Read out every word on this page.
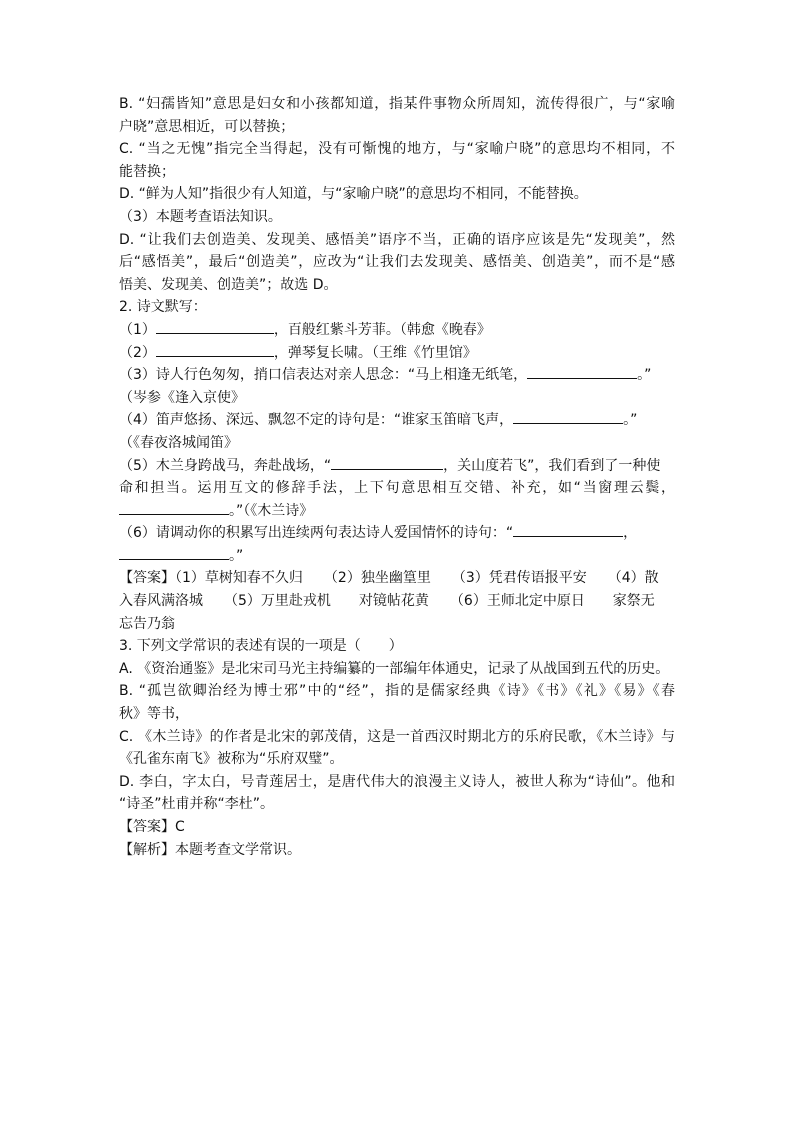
B. “妇孺皆知”意思是妇女和小孩都知道，指某件事物众所周知，流传得很广，与“家喻
户晓”意思相近，可以替换；
C. “当之无愧”指完全当得起，没有可惭愧的地方，与“家喻户晓”的意思均不相同，不
能替换；
D. “鲜为人知”指很少有人知道，与“家喻户晓”的意思均不相同，不能替换。
（3）本题考查语法知识。
D. “让我们去创造美、发现美、感悟美”语序不当，正确的语序应该是先“发现美”，然
后“感悟美”，最后“创造美”，应改为“让我们去发现美、感悟美、创造美”，而不是“感
悟美、发现美、创造美”；故选 D。
2. 诗文默写：
（1）	，百般红紫斗芳菲。（韩愈《晚春》
（2）	，弹琴复长啸。（王维《竹里馆》
（3）诗人行色匆匆，捎口信表达对亲人思念：“马上相逢无纸笔，	。”
（岑参《逢入京使》
（4）笛声悠扬、深远、飘忽不定的诗句是：“谁家玉笛暗飞声，	。”
（《春夜洛城闻笛》
（5）木兰身跨战马，奔赴战场，“	，关山度若飞”，我们看到了一种使
命和担当。运用互文的修辞手法，上下句意思相互交错、补充，如“当窗理云鬓，
。”（《木兰诗》
（6）请调动你的积累写出连续两句表达诗人爱国情怀的诗句：“	，
。”
【答案】（1）草树知春不久归　　（2）独坐幽篁里　　（3）凭君传语报平安　　（4）散
入春风满洛城　　（5）万里赴戎机　　对镜帖花黄　　（6）王师北定中原日　　家祭无
忘告乃翁
3. 下列文学常识的表述有误的一项是（　　）
A. 《资治通鉴》是北宋司马光主持编纂的一部编年体通史，记录了从战国到五代的历史。
B. “孤岂欲卿治经为博士邪”中的“经”，指的是儒家经典《诗》《书》《礼》《易》《春
秋》等书，
C. 《木兰诗》的作者是北宋的郭茂倩，这是一首西汉时期北方的乐府民歌，《木兰诗》与
《孔雀东南飞》被称为“乐府双璧”。
D. 李白，字太白，号青莲居士，是唐代伟大的浪漫主义诗人，被世人称为“诗仙”。他和
“诗圣”杜甫并称“李杜”。
【答案】C
【解析】本题考查文学常识。
